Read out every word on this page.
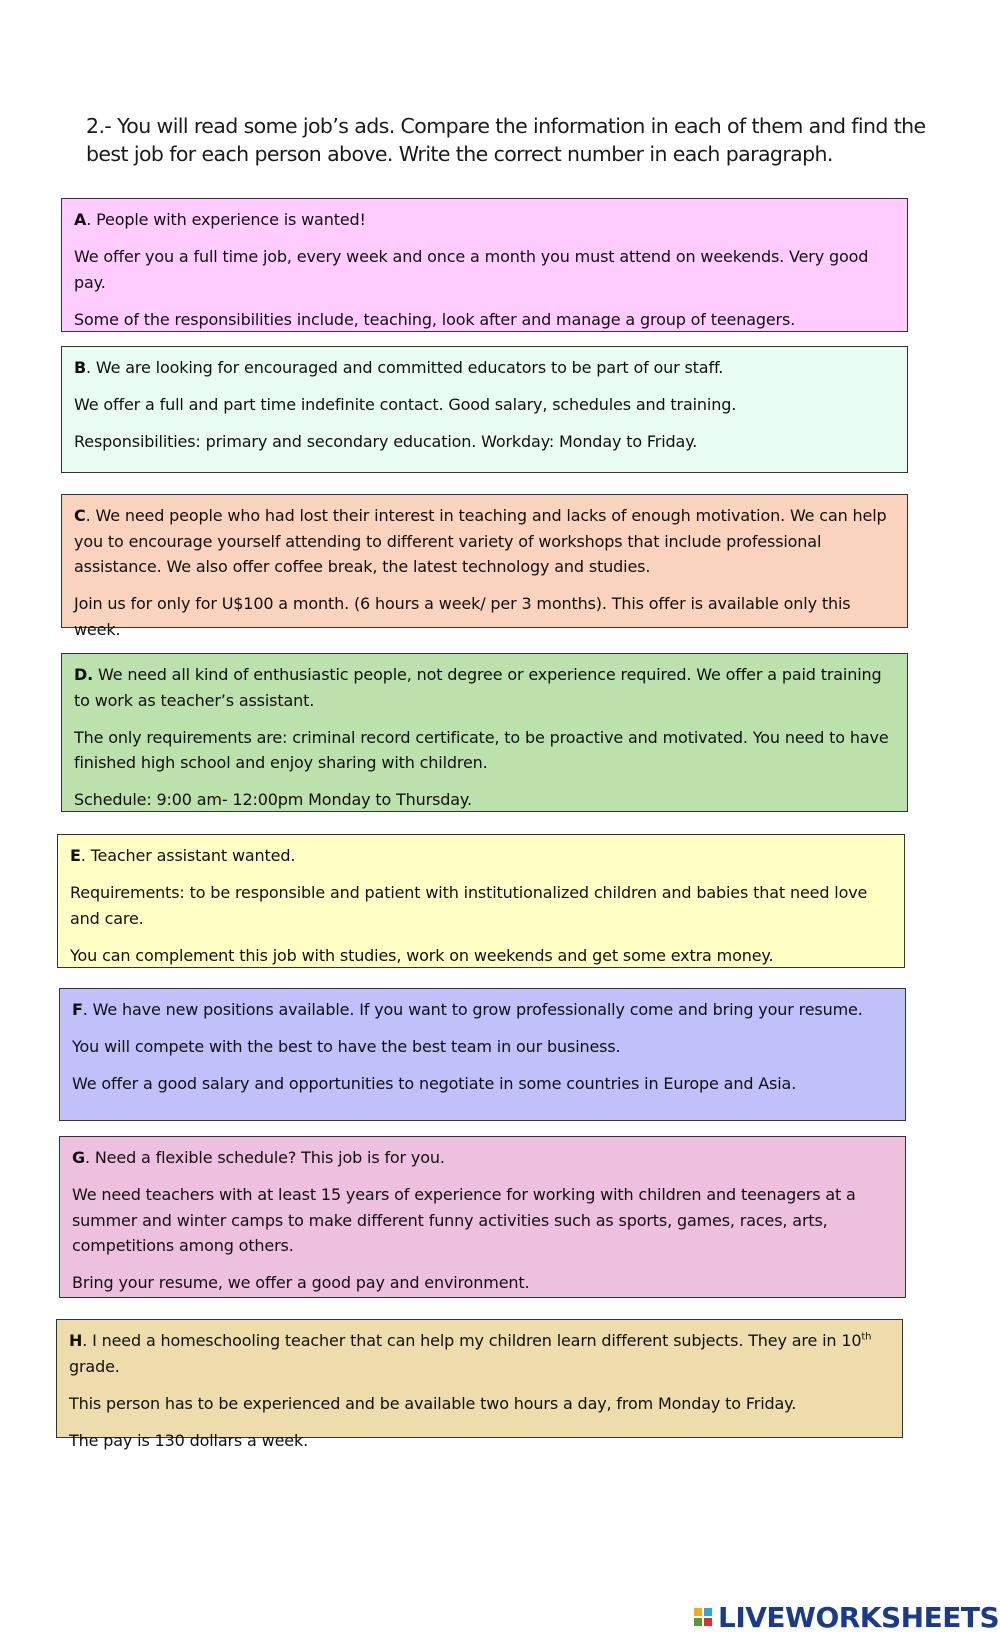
2.- You will read some job’s ads. Compare the information in each of them and find the best job for each person above. Write the correct number in each paragraph.

A. People with experience is wanted!

We offer you a full time job, every week and once a month you must attend on weekends. Very good pay.

Some of the responsibilities include, teaching, look after and manage a group of teenagers.

B. We are looking for encouraged and committed educators to be part of our staff.

We offer a full and part time indefinite contact. Good salary, schedules and training.

Responsibilities: primary and secondary education. Workday: Monday to Friday.

C. We need people who had lost their interest in teaching and lacks of enough motivation. We can help you to encourage yourself attending to different variety of workshops that include professional assistance. We also offer coffee break, the latest technology and studies.

Join us for only for U$100 a month. (6 hours a week/ per 3 months). This offer is available only this week.

D. We need all kind of enthusiastic people, not degree or experience required. We offer a paid training to work as teacher’s assistant.

The only requirements are: criminal record certificate, to be proactive and motivated. You need to have finished high school and enjoy sharing with children.

Schedule: 9:00 am- 12:00pm Monday to Thursday.

E. Teacher assistant wanted.

Requirements: to be responsible and patient with institutionalized children and babies that need love and care.

You can complement this job with studies, work on weekends and get some extra money.

F. We have new positions available. If you want to grow professionally come and bring your resume.

You will compete with the best to have the best team in our business.

We offer a good salary and opportunities to negotiate in some countries in Europe and Asia.

G. Need a flexible schedule? This job is for you.

We need teachers with at least 15 years of experience for working with children and teenagers at a summer and winter camps to make different funny activities such as sports, games, races, arts, competitions among others.

Bring your resume, we offer a good pay and environment.

H. I need a homeschooling teacher that can help my children learn different subjects. They are in 10th grade.

This person has to be experienced and be available two hours a day, from Monday to Friday.

The pay is 130 dollars a week.

LIVEWORKSHEETS
